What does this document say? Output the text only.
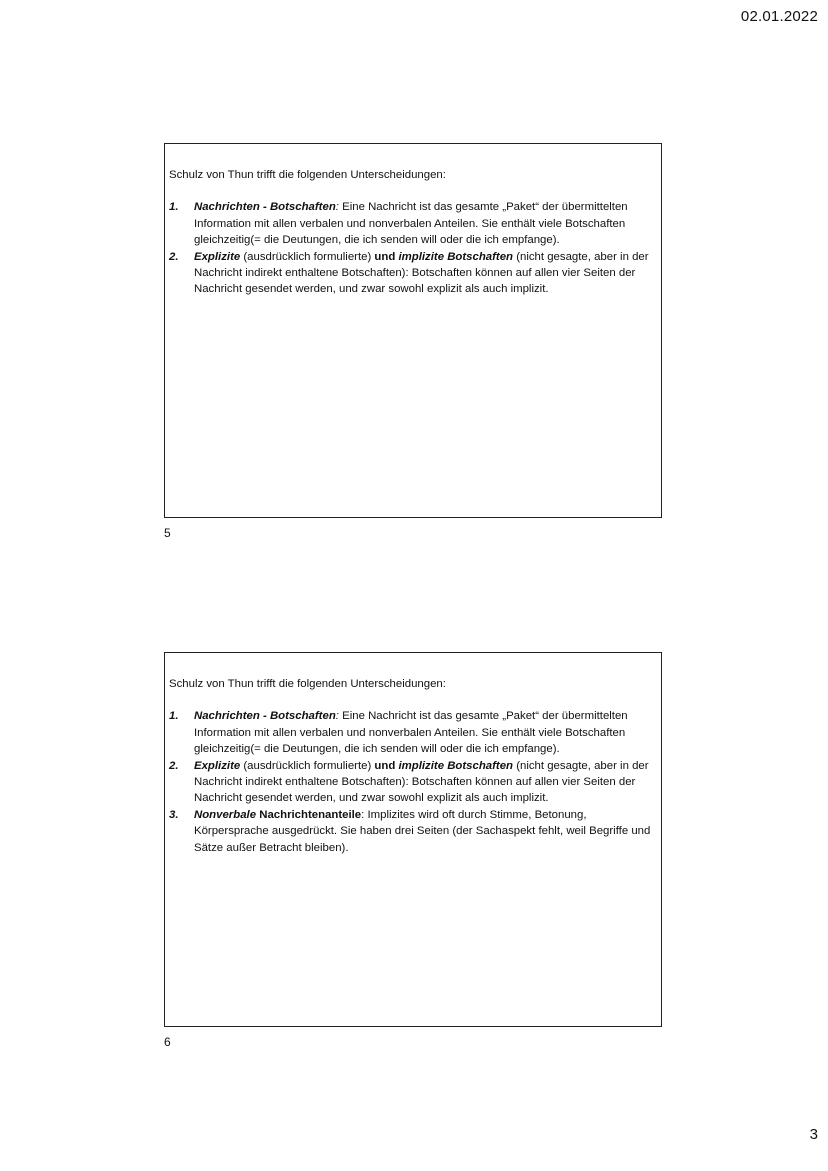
02.01.2022

Schulz von Thun trifft die folgenden Unterscheidungen:

1.	Nachrichten - Botschaften: Eine Nachricht ist das gesamte „Paket“ der übermittelten Information mit allen verbalen und nonverbalen Anteilen. Sie enthält viele Botschaften gleichzeitig(= die Deutungen, die ich senden will oder die ich empfange).
2.	Explizite (ausdrücklich formulierte) und implizite Botschaften (nicht gesagte, aber in der Nachricht indirekt enthaltene Botschaften): Botschaften können auf allen vier Seiten der Nachricht gesendet werden, und zwar sowohl explizit als auch implizit.
5

Schulz von Thun trifft die folgenden Unterscheidungen:

1.	Nachrichten - Botschaften: Eine Nachricht ist das gesamte „Paket“ der übermittelten Information mit allen verbalen und nonverbalen Anteilen. Sie enthält viele Botschaften gleichzeitig(= die Deutungen, die ich senden will oder die ich empfange).
2.	Explizite (ausdrücklich formulierte) und implizite Botschaften (nicht gesagte, aber in der Nachricht indirekt enthaltene Botschaften): Botschaften können auf allen vier Seiten der Nachricht gesendet werden, und zwar sowohl explizit als auch implizit.
3.	Nonverbale Nachrichtenanteile: Implizites wird oft durch Stimme, Betonung, Körpersprache ausgedrückt. Sie haben drei Seiten (der Sachaspekt fehlt, weil Begriffe und Sätze außer Betracht bleiben).
6
3
